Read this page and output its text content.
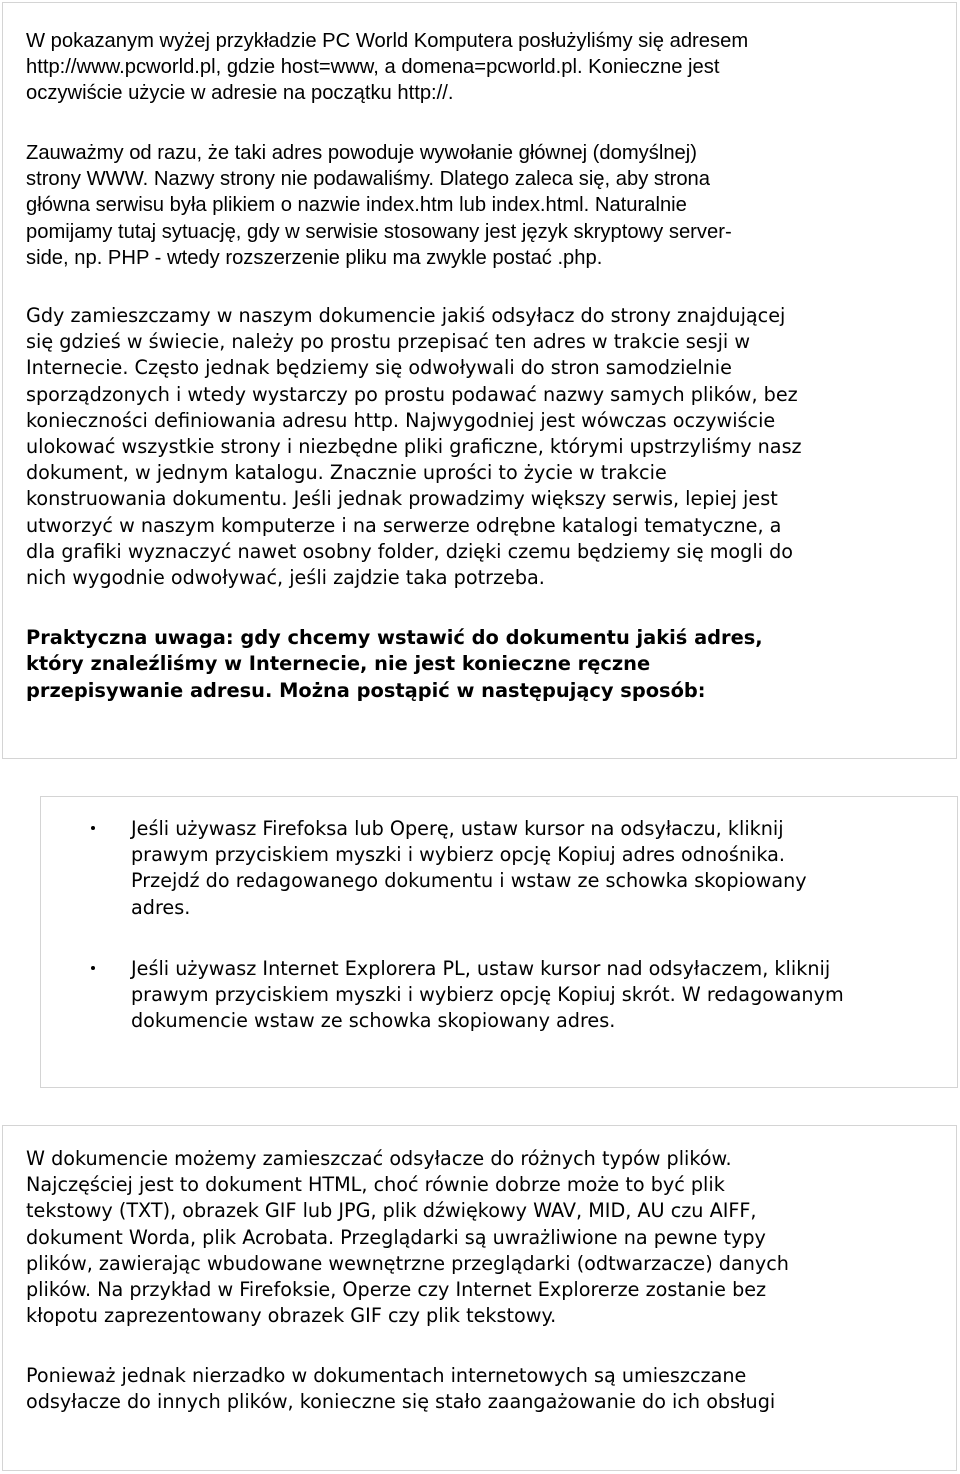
W pokazanym wyżej przykładzie PC World Komputera posłużyliśmy się adresem
http://www.pcworld.pl, gdzie host=www, a domena=pcworld.pl. Konieczne jest
oczywiście użycie w adresie na początku http://.

Zauważmy od razu, że taki adres powoduje wywołanie głównej (domyślnej)
strony WWW. Nazwy strony nie podawaliśmy. Dlatego zaleca się, aby strona
główna serwisu była plikiem o nazwie index.htm lub index.html. Naturalnie
pomijamy tutaj sytuację, gdy w serwisie stosowany jest język skryptowy server-
side, np. PHP - wtedy rozszerzenie pliku ma zwykle postać .php.

Gdy zamieszczamy w naszym dokumencie jakiś odsyłacz do strony znajdującej
się gdzieś w świecie, należy po prostu przepisać ten adres w trakcie sesji w
Internecie. Często jednak będziemy się odwoływali do stron samodzielnie
sporządzonych i wtedy wystarczy po prostu podawać nazwy samych plików, bez
konieczności definiowania adresu http. Najwygodniej jest wówczas oczywiście
ulokować wszystkie strony i niezbędne pliki graficzne, którymi upstrzyliśmy nasz
dokument, w jednym katalogu. Znacznie uprości to życie w trakcie
konstruowania dokumentu. Jeśli jednak prowadzimy większy serwis, lepiej jest
utworzyć w naszym komputerze i na serwerze odrębne katalogi tematyczne, a
dla grafiki wyznaczyć nawet osobny folder, dzięki czemu będziemy się mogli do
nich wygodnie odwoływać, jeśli zajdzie taka potrzeba.

Praktyczna uwaga: gdy chcemy wstawić do dokumentu jakiś adres,
który znaleźliśmy w Internecie, nie jest konieczne ręczne
przepisywanie adresu. Można postąpić w następujący sposób:

Jeśli używasz Firefoksa lub Operę, ustaw kursor na odsyłaczu, kliknij
prawym przyciskiem myszki i wybierz opcję Kopiuj adres odnośnika.
Przejdź do redagowanego dokumentu i wstaw ze schowka skopiowany
adres.

Jeśli używasz Internet Explorera PL, ustaw kursor nad odsyłaczem, kliknij
prawym przyciskiem myszki i wybierz opcję Kopiuj skrót. W redagowanym
dokumencie wstaw ze schowka skopiowany adres.

W dokumencie możemy zamieszczać odsyłacze do różnych typów plików.
Najczęściej jest to dokument HTML, choć równie dobrze może to być plik
tekstowy (TXT), obrazek GIF lub JPG, plik dźwiękowy WAV, MID, AU czu AIFF,
dokument Worda, plik Acrobata. Przeglądarki są uwrażliwione na pewne typy
plików, zawierając wbudowane wewnętrzne przeglądarki (odtwarzacze) danych
plików. Na przykład w Firefoksie, Operze czy Internet Explorerze zostanie bez
kłopotu zaprezentowany obrazek GIF czy plik tekstowy.

Ponieważ jednak nierzadko w dokumentach internetowych są umieszczane
odsyłacze do innych plików, konieczne się stało zaangażowanie do ich obsługi
